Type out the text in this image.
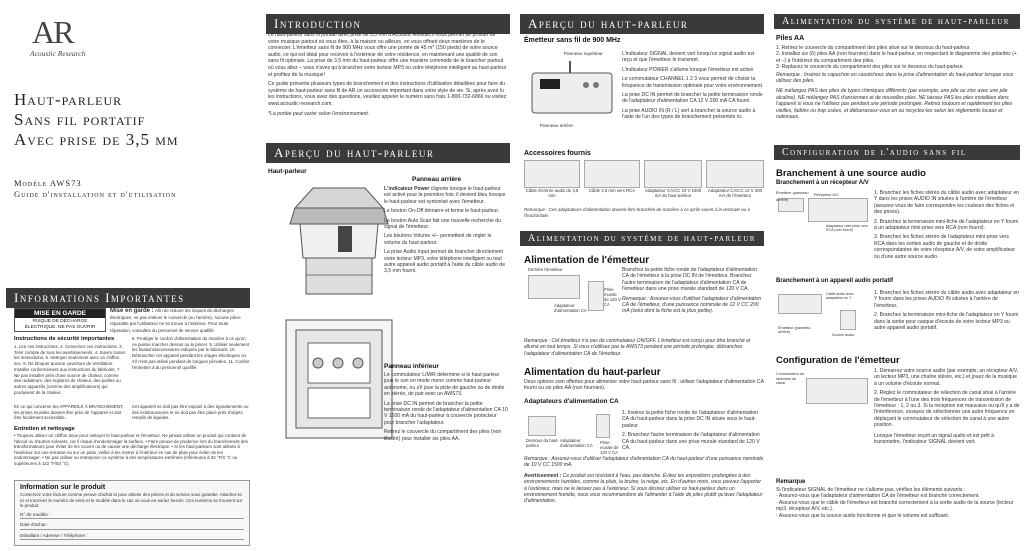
AR
Acoustic Research
Haut-parleur
Sans fil portatif
Avec prise de 3,5 mm
Modèle AWS73
Guide d'installation et d'utilisation
Informations Importantes
MISE EN GARDE
RISQUE DE DÉCHARGE ÉLECTRIQUE. NE PAS OUVRIR
Mise en garde : Afin de réduire les risques de décharges électriques, ne pas enlever le couvercle (ou l'arrière). Aucune pièce réparable par l'utilisateur ne se trouve à l'intérieur. Pour toute réparation, consultez du personnel de service qualifié.
Instructions de sécurité importantes
1. Lire ces instructions. 2. Conserver ces instructions. 3. Tenir compte de tous les avertissements. 4. Suivre toutes les instructions. 5. Nettoyer seulement avec un chiffon sec. 6. Ne bloquer aucune ouverture de ventilation. Installer conformément aux instructions du fabricant. 7. Ne pas installer près d'une source de chaleur, comme des radiateurs, des registres de chaleur, des poêles ou autres appareils (comme des amplificateurs) qui produisent de la chaleur.
8. Protéger le cordon d'alimentation de manière à ce qu'on ne puisse marcher dessus ou le pincer. 9. Utiliser seulement les fixations/accessoires indiqués par le fabricant. 10. Débrancher cet appareil pendant les orages électriques ou s'il n'est pas utilisé pendant de longues périodes. 11. Confier l'entretien à du personnel qualifié.
En ce qui concerne les APPAREILS À BRANCHEMENT, les prises murales doivent être près de l'appareil et doit être facilement accessible.
Cet appareil ne doit pas être exposé à des égouttements ou des éclaboussures et ne doit pas être placé près d'objets remplis de liquides.
Entretien et nettoyage
• Toujours utiliser un chiffon doux pour nettoyer le haut-parleur et l'émetteur. Ne jamais utiliser un produit qui contient de l'alcool ou d'autres solvants, car il risque d'endommager la surface. • Faire preuve de prudence lors du branchement des transformateurs pour éviter de les couvrir ou de causer une décharge électrique. • Si les haut-parleurs sont utilisés à l'extérieur sur une terrasse ou sur un patio, veiller à les rentrer à l'intérieur en cas de pluie pour éviter de les endommager. • Ne pas utiliser ou entreposer ce système à des températures extrêmes (inférieures à 32 °F/0 °C ou supérieures à 122 °F/50 °C).
Information sur le produit
Conservez votre facture comme preuve d'achat et pour obtenir des pièces et du service sous garantie. Attachez-la ici et inscrivez le numéro de série et le modèle dans le cas où vous en auriez besoin. Ces numéros se trouvent sur le produit.
N° de modèle :
Date d'achat :
Détaillant / Adresse / Téléphone :
Introduction

Le haut-parleur sans fil portatif avec prise de 3,5 mm d'Acoustic Research vous permet de profiter de votre musique partout où vous êtes, à la maison ou ailleurs, en vous offrant deux manières de le connecter. L'émetteur sans fil de 900 MHz vous offre une portée de 45 m* (150 pieds) de votre source audio, ce qui est idéal pour recevoir à l'extérieur de votre résidence, en maintenant une qualité de son sans fil optimale. La prise de 3,5 mm du haut-parleur offre une manière commode de le brancher partout où vous allez – vous n'avez qu'à brancher votre lecteur MP3 ou votre téléphone intelligent au haut-parleur et profitez de la musique!

Ce guide présente plusieurs types de branchement et des instructions d'utilisation détaillées pour faire du système de haut-parleur sans fil de AR un accessoire important dans votre style de vie. Si, après avoir lu les instructions, vous avez des questions, veuillez appeler le numéro sans frais 1-800-732-6866 ou visitez www.acoustic-research.com.

*La portée peut varier selon l'environnement.

Aperçu du haut-parleur
Haut-parleur
Panneau arrière

L'indicateur Power clignote lorsque le haut-parleur est activé pour la première fois; il devient bleu lorsque le haut-parleur est syntonisé avec l'émetteur.

Le bouton On-Off démarre et ferme le haut-parleur.

Le bouton Auto Scan fait une nouvelle recherche du signal de l'émetteur.

Les boutons Volume +/– permettent de régler le volume du haut-parleur.

La prise Audio Input permet de brancher directement votre lecteur MP3, votre téléphone intelligent ou tout autre appareil audio portatif à l'aide du câble audio de 3,5 mm fourni.

Panneau inférieur

Le commutateur L/M/R détermine si le haut-parleur joue le son en mode mono comme haut-parleur autonome, ou s'il joue la piste de gauche ou de droite en stéréo, de pair avec un AWS73.

La prise DC IN permet de brancher la petite terminaison ronde de l'adaptateur d'alimentation CA 10 V 1500 mA du haut-parleur à couvercle protecteur pour brancher l'adaptateur.

Retirez le couvercle du compartiment des piles (non illustré) pour installer six piles AA.

Aperçu du haut-parleur
Émetteur sans fil de 900 MHz
Panneau supérieur
Panneau arrière

L'indicateur SIGNAL devient vert lorsqu'un signal audio est reçu et que l'émetteur le transmet.

L'indicateur POWER s'allume lorsque l'émetteur est activé.

Le commutateur CHANNEL 1 2 3 vous permet de choisir la fréquence de transmission optimale pour votre environnement.

La prise DC IN permet de brancher la petite terminaison ronde de l'adaptateur d'alimentation CA 12 V 200 mA CA fourni.

La prise AUDIO IN (R / L) sert à brancher la source audio à l'aide de l'un des types de branchement présentés ici.

Accessoires fournis
Câble d'entrée audio de 3,5 mm
Câble 3,5 mm vers RCA	Adaptateur CA/CC 10 V 1500 mA du haut-parleur
Adaptateur CA/CC 12 V 200 mA de l'émetteur
Remarque : Ces adaptateurs d'alimentation doivent être branchés de manière à ce qu'ils soient à la verticale ou à l'horizontale.
Alimentation du système de haut-parleur
Alimentation de l'émetteur
Derrière l'émetteur
Adaptateur d'alimentation CA
Prise murale de 120 V CA

Branchez la petite fiche ronde de l'adaptateur d'alimentation CA de l'émetteur à la prise DC IN de l'émetteur. Branchez l'autre terminaison de l'adaptateur d'alimentation CA de l'émetteur dans une prise murale standard de 120 V CA.

Remarque : Assurez-vous d'utiliser l'adaptateur d'alimentation CA de l'émetteur, d'une puissance nominale de 12 V CC 200 mA (celui dont la fiche est la plus petite).

Remarque : Cet émetteur n'a pas de commutateur ON/OFF. L'émetteur est conçu pour être branché et allumé en tout temps. Si vous n'utilisez pas le AWS73 pendant une période prolongée, débranchez l'adaptateur d'alimentation CA de l'émetteur.
Alimentation du haut-parleur
Deux options sont offertes pour alimenter votre haut-parleur sans fil : utiliser l'adaptateur d'alimentation CA fourni ou six piles AA (non fournies).
Adaptateurs d'alimentation CA
Dessous du haut-parleur
Adaptateur d'alimentation CA
Prise murale de 120 V CA

1. Insérez la petite fiche ronde de l'adaptateur d'alimentation CA du haut-parleur dans la prise DC IN située sous le haut-parleur.

2. Branchez l'autre terminaison de l'adaptateur d'alimentation CA du haut-parleur dans une prise murale standard de 120 V CA.

Remarque : Assurez-vous d'utiliser l'adaptateur d'alimentation CA du haut-parleur d'une puissance nominale de 10 V CC 1500 mA.
Avertissement : Ce produit est résistant à l'eau, pas étanche. Évitez les expositions prolongées à des environnements humides, comme la pluie, la bruine, la neige, etc. En d'autres mots, vous pouvez l'apporter à l'extérieur, mais ne le laissez pas à l'extérieur. Si vous désirez utiliser ce haut-parleur dans un environnement humide, nous vous recommandons de l'alimenter à l'aide de piles plutôt qu'avec l'adaptateur d'alimentation.
Alimentation du système de haut-parleur
Piles AA
1. Retirez le couvercle du compartiment des piles situé sur le dessous du haut-parleur.
2. Installez six (6) piles AA (non fournies) dans le haut-parleur, en respectant le diagramme des polarités (+ et –) à l'intérieur du compartiment des piles.
3. Replacez le couvercle du compartiment des piles sur le dessous du haut-parleur.

Remarque : Insérez le capuchon en caoutchouc dans la prise d'alimentation du haut-parleur lorsque vous utilisez des piles.

NE mélangez PAS des piles de types chimiques différents (par exemple, une pile au zinc avec une pile alcaline). NE mélangez PAS d'anciennes et de nouvelles piles. NE laissez PAS les piles installées dans l'appareil si vous ne l'utilisez pas pendant une période prolongée. Retirez toujours et rapidement les piles vieilles, faibles ou trop usées, et débarrassez-vous en ou recyclez-les selon les règlements locaux et nationaux.

Configuration de l'audio sans fil
Branchement à une source audio
Branchement à un récepteur A/V
Émetteur (panneau arrière)
Récepteur A/V
Adaptateur mini-prise vers RCA (non fourni)

1. Branchez les fiches stéréo du câble audio avec adaptateur en Y dans les prises AUDIO IN situées à l'arrière de l'émetteur (assurez-vous de faire correspondre les couleurs des fiches et des prises).

2. Branchez la terminaison mini-fiche de l'adaptateur en Y fourni à un adaptateur mini-prise vers RCA (non fourni).

3. Branchez les fiches stéréo de l'adaptateur mini-prise vers RCA dans les sorties audio de gauche et de droite correspondantes de votre récepteur A/V, de votre amplificateur ou d'une autre source audio.

Branchement à un appareil audio portatif
Câble audio avec adaptateur en Y
Émetteur (panneau arrière)
Source audio

1. Branchez les fiches stéréo du câble audio avec adaptateur en Y fourni dans les prises AUDIO IN situées à l'arrière de l'émetteur.

2. Branchez la terminaison mini-fiche de l'adaptateur en Y fourni dans la sortie pour casque d'écoute de votre lecteur MP3 ou autre appareil audio portatif.

Configuration de l'émetteur
Commutateur de sélection de canal

1. Démarrez votre source audio (par exemple, un récepteur A/V, un lecteur MP3, une chaîne stéréo, etc.) et jouez de la musique à un volume d'écoute normal.

2. Réglez le commutateur de sélection de canal situé à l'arrière de l'émetteur à l'une des trois fréquences de transmission de l'émetteur : 1, 2 ou 3. Si la réception est mauvaise ou qu'il y a de l'interférence, essayez de sélectionner une autre fréquence en déplaçant le commutateur de sélection de canal à une autre position.

Lorsque l'émetteur reçoit un signal audio et est prêt à transmettre, l'indicateur SIGNAL devient vert.

Remarque
Si l'indicateur SIGNAL de l'émetteur ne s'allume pas, vérifiez les éléments suivants :
· Assurez-vous que l'adaptateur d'alimentation CA de l'émetteur est branché correctement.
· Assurez-vous que le câble de l'émetteur est branché correctement à la sortie audio de la source (lecteur mp3, récepteur A/V, etc.).
· Assurez-vous que la source audio fonctionne et que le volume est suffisant.
